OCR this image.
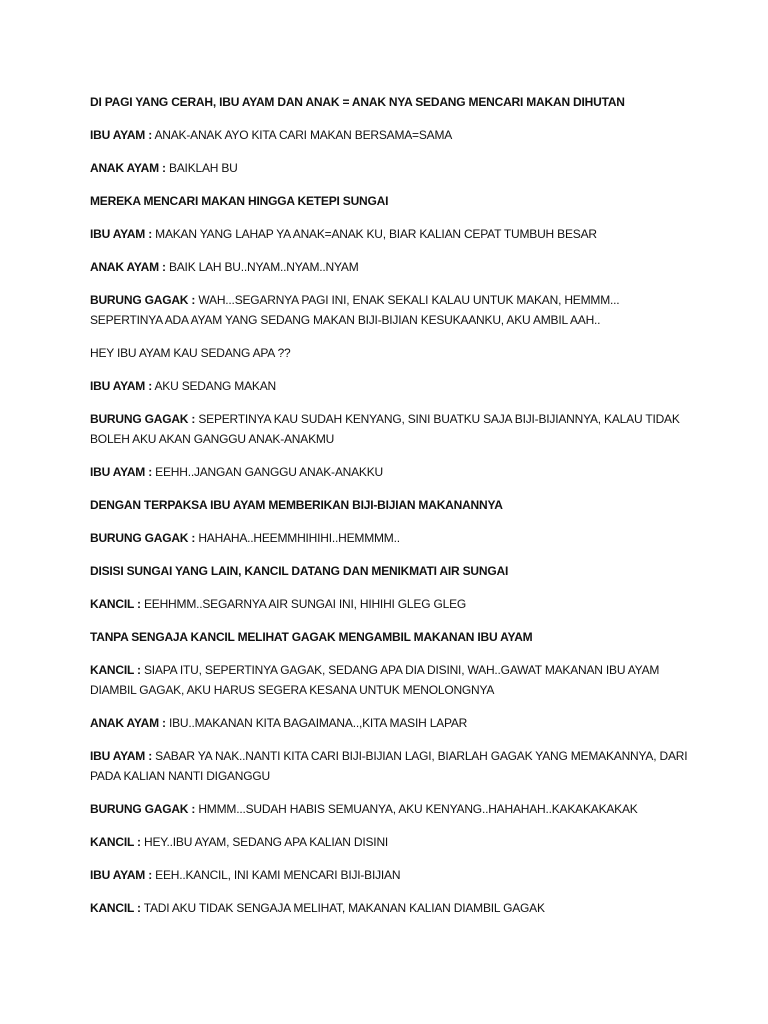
DI PAGI YANG CERAH, IBU AYAM DAN ANAK = ANAK NYA SEDANG MENCARI MAKAN DIHUTAN

IBU AYAM : ANAK-ANAK AYO KITA CARI MAKAN BERSAMA=SAMA

ANAK AYAM : BAIKLAH BU

MEREKA MENCARI MAKAN HINGGA KETEPI SUNGAI

IBU AYAM : MAKAN YANG LAHAP YA ANAK=ANAK KU, BIAR KALIAN CEPAT TUMBUH BESAR

ANAK AYAM : BAIK LAH BU..NYAM..NYAM..NYAM

BURUNG GAGAK : WAH...SEGARNYA PAGI INI, ENAK SEKALI KALAU UNTUK MAKAN, HEMMM... SEPERTINYA ADA AYAM YANG SEDANG MAKAN BIJI-BIJIAN KESUKAANKU, AKU AMBIL AAH..

HEY IBU AYAM KAU SEDANG APA ??

IBU AYAM : AKU SEDANG MAKAN

BURUNG GAGAK : SEPERTINYA KAU SUDAH KENYANG, SINI BUATKU SAJA BIJI-BIJIANNYA, KALAU TIDAK BOLEH AKU AKAN GANGGU ANAK-ANAKMU

IBU AYAM : EEHH..JANGAN GANGGU ANAK-ANAKKU

DENGAN TERPAKSA IBU AYAM MEMBERIKAN BIJI-BIJIAN MAKANANNYA

BURUNG GAGAK : HAHAHA..HEEMMHIHIHI..HEMMMM..

DISISI SUNGAI YANG LAIN, KANCIL DATANG DAN MENIKMATI AIR SUNGAI

KANCIL : EEHHMM..SEGARNYA AIR SUNGAI INI, HIHIHI GLEG GLEG

TANPA SENGAJA KANCIL MELIHAT GAGAK MENGAMBIL MAKANAN IBU AYAM

KANCIL : SIAPA ITU, SEPERTINYA GAGAK, SEDANG APA DIA DISINI, WAH..GAWAT MAKANAN IBU AYAM DIAMBIL GAGAK, AKU HARUS SEGERA KESANA UNTUK MENOLONGNYA

ANAK AYAM : IBU..MAKANAN KITA BAGAIMANA..,KITA MASIH LAPAR

IBU AYAM : SABAR YA NAK..NANTI KITA CARI BIJI-BIJIAN LAGI, BIARLAH GAGAK YANG MEMAKANNYA, DARI PADA KALIAN NANTI DIGANGGU

BURUNG GAGAK : HMMM...SUDAH HABIS SEMUANYA, AKU KENYANG..HAHAHAH..KAKAKAKAKAK

KANCIL : HEY..IBU AYAM, SEDANG APA KALIAN DISINI

IBU AYAM : EEH..KANCIL, INI KAMI MENCARI BIJI-BIJIAN

KANCIL : TADI AKU TIDAK SENGAJA MELIHAT, MAKANAN KALIAN DIAMBIL GAGAK
